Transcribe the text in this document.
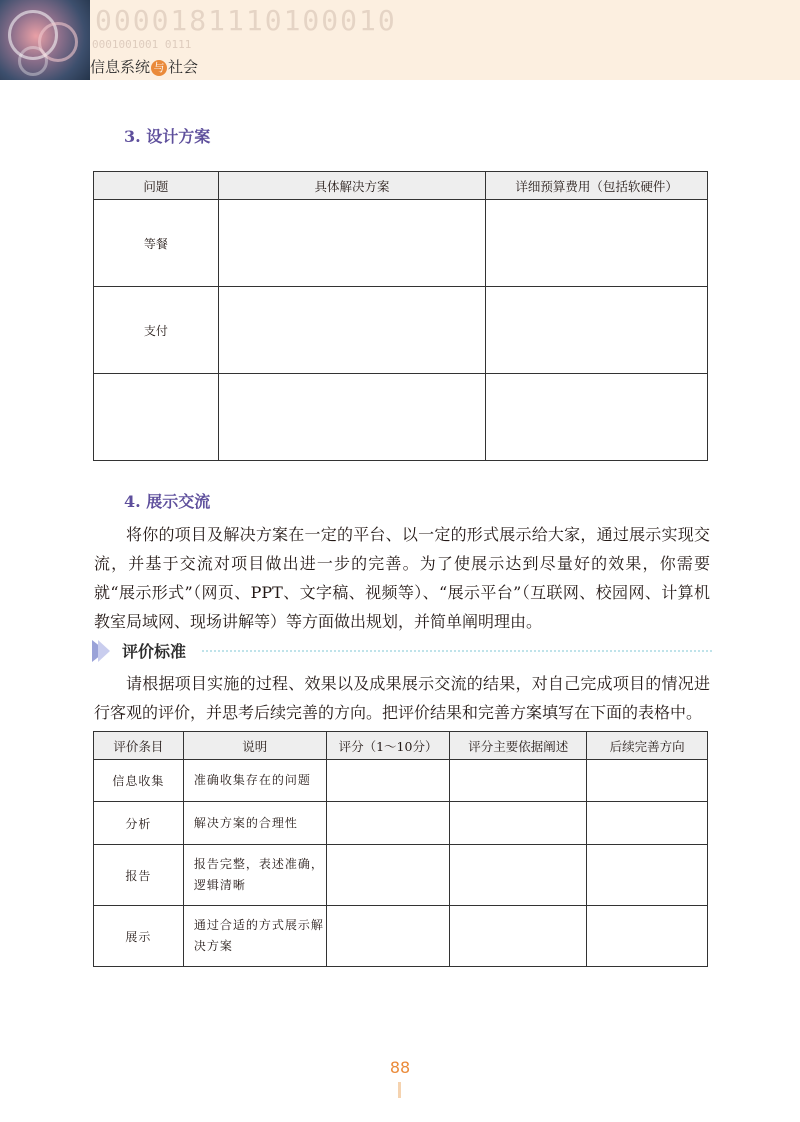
0000181110100010
0001001001 0111
信息系统 与 社会
3. 设计方案
问题	具体解决方案	详细预算费用（包括软硬件）
等餐		
支付		

4. 展示交流

将你的项目及解决方案在一定的平台、以一定的形式展示给大家，通过展示实现交流，并基于交流对项目做出进一步的完善。为了使展示达到尽量好的效果，你需要就“展示形式”（网页、PPT、文字稿、视频等）、“展示平台”（互联网、校园网、计算机教室局域网、现场讲解等）等方面做出规划，并简单阐明理由。

评价标准

请根据项目实施的过程、效果以及成果展示交流的结果，对自己完成项目的情况进行客观的评价，并思考后续完善的方向。把评价结果和完善方案填写在下面的表格中。

评价条目	说明	评分（1～10分）	评分主要依据阐述	后续完善方向
信息收集	准确收集存在的问题			
分析	解决方案的合理性			
报告	报告完整，表述准确，逻辑清晰			
展示	通过合适的方式展示解决方案			
88
